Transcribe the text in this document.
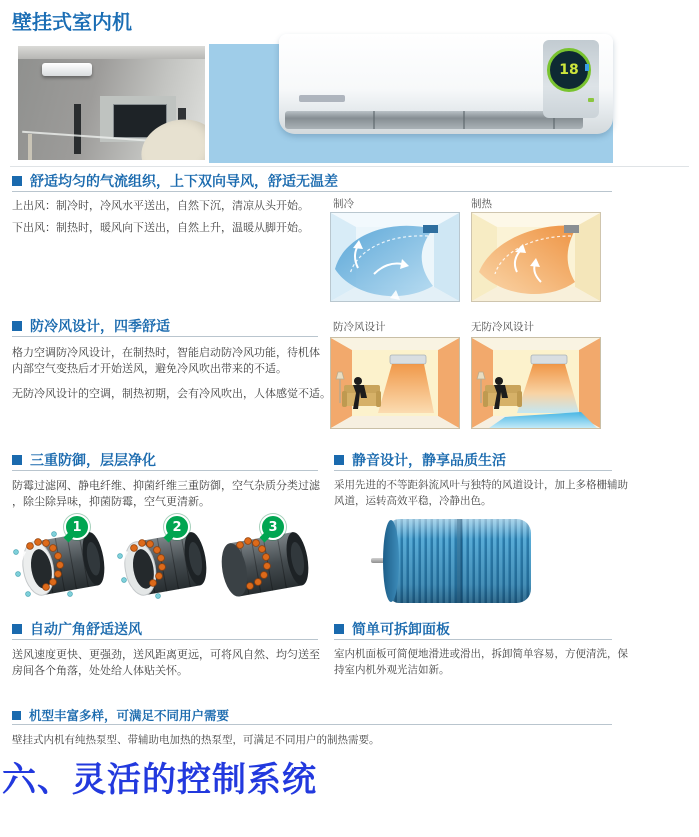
壁挂式室内机
18
舒适均匀的气流组织，上下双向导风，舒适无温差
上出风：制冷时，冷风水平送出，自然下沉，清凉从头开始。
下出风：制热时，暖风向下送出，自然上升，温暖从脚开始。
制冷	制热
防冷风设计，四季舒适
格力空调防冷风设计，在制热时，智能启动防冷风功能，待机体
内部空气变热后才开始送风，避免冷风吹出带来的不适。
无防冷风设计的空调，制热初期，会有冷风吹出，人体感觉不适。
防冷风设计	无防冷风设计
三重防御，层层净化
防霉过滤网、静电纤维、抑菌纤维三重防御，空气杂质分类过滤
，除尘除异味，抑菌防霉，空气更清新。
1	2	3
静音设计，静享品质生活
采用先进的不等距斜流风叶与独特的风道设计，加上多格栅辅助
风道，运转高效平稳，冷静出色。
自动广角舒适送风
送风速度更快、更强劲，送风距离更远，可将风自然、均匀送至
房间各个角落，处处给人体贴关怀。
简单可拆卸面板
室内机面板可简便地滑进或滑出，拆卸简单容易，方便清洗，保
持室内机外观光洁如新。
机型丰富多样，可满足不同用户需要
壁挂式内机有纯热泵型、带辅助电加热的热泵型，可满足不同用户的制热需要。
六、灵活的控制系统
